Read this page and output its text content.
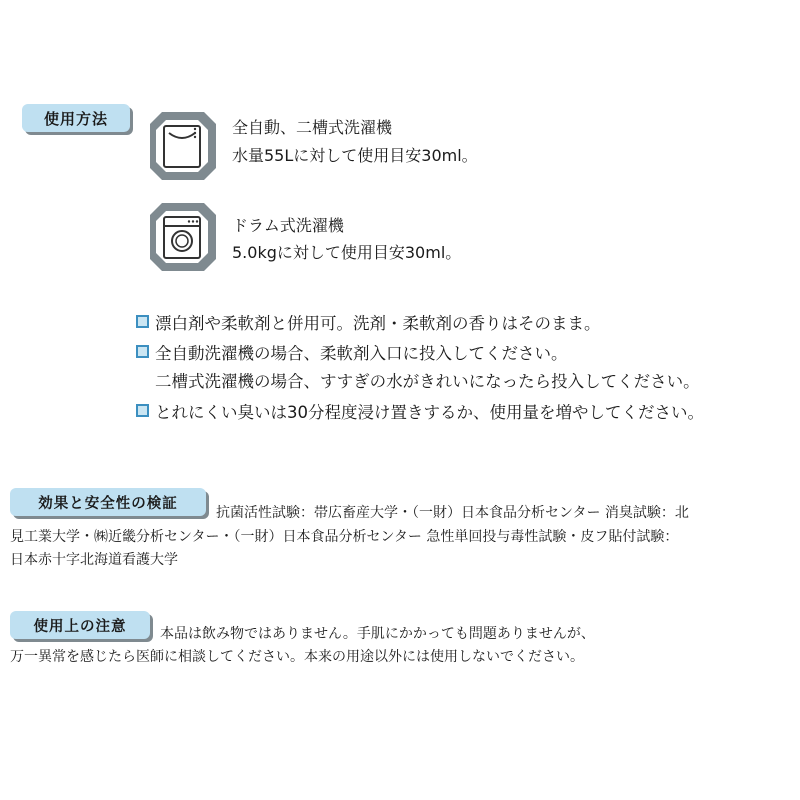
使用方法	全自動、二槽式洗濯機
水量55Lに対して使用目安30ml。
ドラム式洗濯機
5.0kgに対して使用目安30ml。
漂白剤や柔軟剤と併用可。洗剤・柔軟剤の香りはそのまま。
全自動洗濯機の場合、柔軟剤入口に投入してください。
二槽式洗濯機の場合、すすぎの水がきれいになったら投入してください。
とれにくい臭いは30分程度浸け置きするか、使用量を増やしてください。
効果と安全性の検証
抗菌活性試験：帯広畜産大学・（一財）日本食品分析センター 消臭試験：北
見工業大学・㈱近畿分析センター・（一財）日本食品分析センター 急性単回投与毒性試験・皮フ貼付試験：
日本赤十字北海道看護大学
使用上の注意	本品は飲み物ではありません。手肌にかかっても問題ありませんが、
万一異常を感じたら医師に相談してください。本来の用途以外には使用しないでください。
